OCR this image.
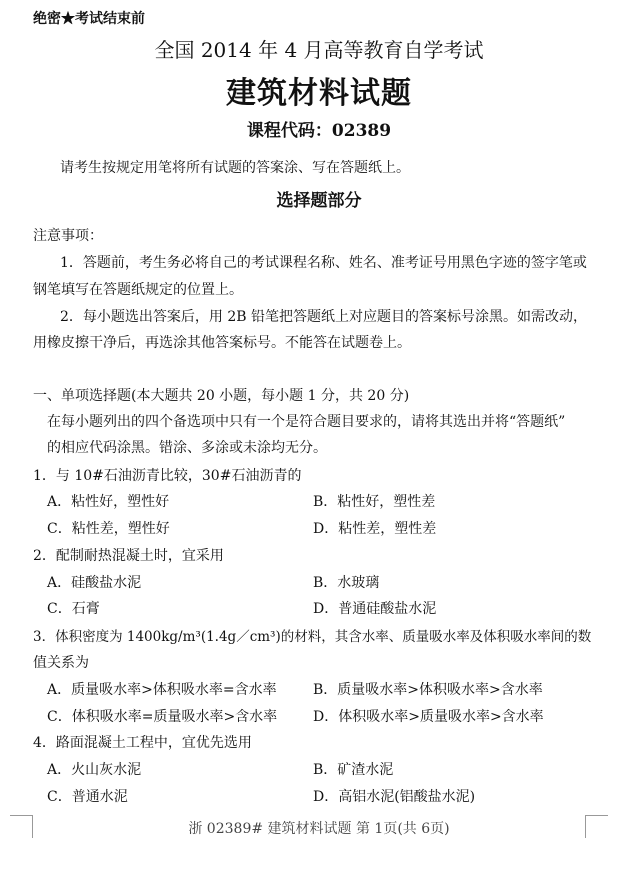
绝密★考试结束前
全国 2014 年 4 月高等教育自学考试
建筑材料试题
课程代码：02389
请考生按规定用笔将所有试题的答案涂、写在答题纸上。
选择题部分
注意事项：
1．答题前，考生务必将自己的考试课程名称、姓名、准考证号用黑色字迹的签字笔或
钢笔填写在答题纸规定的位置上。
2．每小题选出答案后，用 2B 铅笔把答题纸上对应题目的答案标号涂黑。如需改动，
用橡皮擦干净后，再选涂其他答案标号。不能答在试题卷上。
一、单项选择题(本大题共 20 小题，每小题 1 分，共 20 分)
在每小题列出的四个备选项中只有一个是符合题目要求的，请将其选出并将“答题纸”
的相应代码涂黑。错涂、多涂或未涂均无分。
1．与 10#石油沥青比较，30#石油沥青的
A．粘性好，塑性好	B．粘性好，塑性差
C．粘性差，塑性好	D．粘性差，塑性差
2．配制耐热混凝土时，宜采用
A．硅酸盐水泥	B．水玻璃
C．石膏	D．普通硅酸盐水泥
3．体积密度为 1400kg/m³(1.4g／cm³)的材料，其含水率、质量吸水率及体积吸水率间的数
值关系为
A．质量吸水率>体积吸水率=含水率	B．质量吸水率>体积吸水率>含水率
C．体积吸水率=质量吸水率>含水率	D．体积吸水率>质量吸水率>含水率
4．路面混凝土工程中，宜优先选用
A．火山灰水泥	B．矿渣水泥
C．普通水泥	D．高铝水泥(铝酸盐水泥)
浙 02389# 建筑材料试题 第 1页(共 6页)
